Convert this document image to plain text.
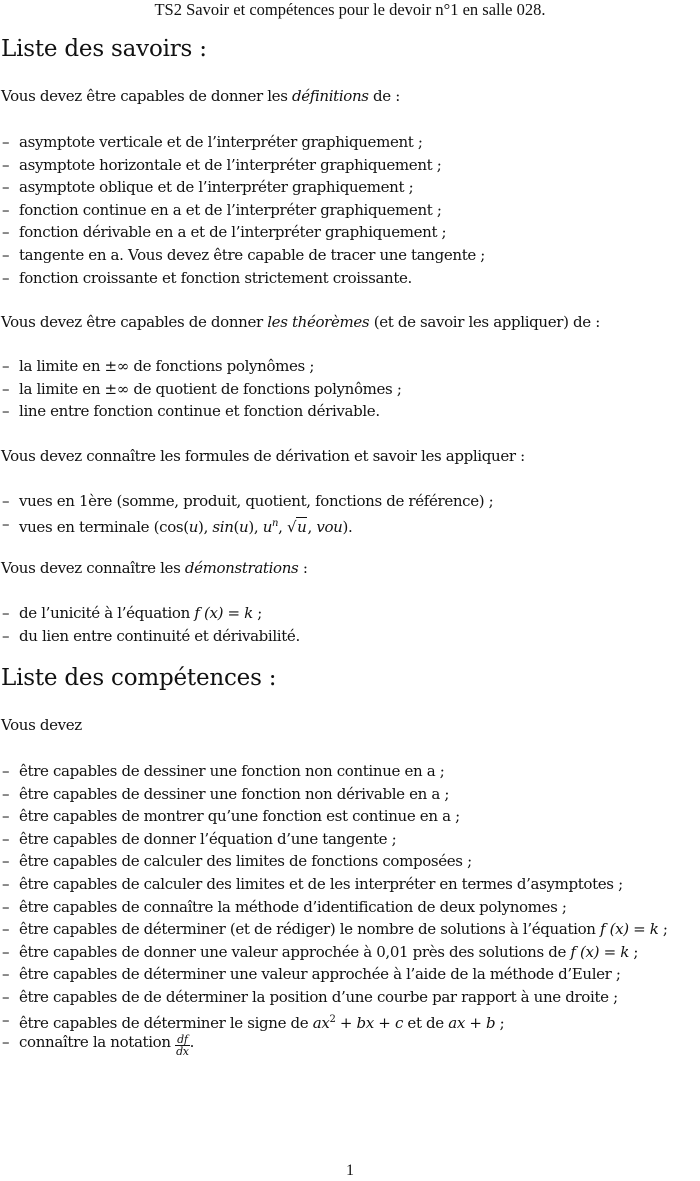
TS2 Savoir et compétences pour le devoir n°1 en salle 028.
Liste des savoirs :
Vous devez être capables de donner les définitions de :
– asymptote verticale et de l’interpréter graphiquement ;
– asymptote horizontale et de l’interpréter graphiquement ;
– asymptote oblique et de l’interpréter graphiquement ;
– fonction continue en a et de l’interpréter graphiquement ;
– fonction dérivable en a et de l’interpréter graphiquement ;
– tangente en a. Vous devez être capable de tracer une tangente ;
– fonction croissante et fonction strictement croissante.
Vous devez être capables de donner les théorèmes (et de savoir les appliquer) de :
– la limite en ±∞ de fonctions polynômes ;
– la limite en ±∞ de quotient de fonctions polynômes ;
– line entre fonction continue et fonction dérivable.
Vous devez connaître les formules de dérivation et savoir les appliquer :
– vues en 1ère (somme, produit, quotient, fonctions de référence) ;
– vues en terminale (cos(u), sin(u), $u^n$, √u, vou).
Vous devez connaître les démonstrations :
– de l’unicité à l’équation f (x) = k ;
– du lien entre continuité et dérivabilité.
Liste des compétences :
Vous devez
– être capables de dessiner une fonction non continue en a ;
– être capables de dessiner une fonction non dérivable en a ;
– être capables de montrer qu’une fonction est continue en a ;
– être capables de donner l’équation d’une tangente ;
– être capables de calculer des limites de fonctions composées ;
– être capables de calculer des limites et de les interpréter en termes d’asymptotes ;
– être capables de connaître la méthode d’identification de deux polynomes ;
– être capables de déterminer (et de rédiger) le nombre de solutions à l’équation f (x) = k ;
– être capables de donner une valeur approchée à 0,01 près des solutions de f (x) = k ;
– être capables de déterminer une valeur approchée à l’aide de la méthode d’Euler ;
– être capables de de déterminer la position d’une courbe par rapport à une droite ;
– être capables de déterminer le signe de $ax^2$ + bx + c et de ax + b ;
– connaître la notation $\frac{df}{dx}$ .
1
